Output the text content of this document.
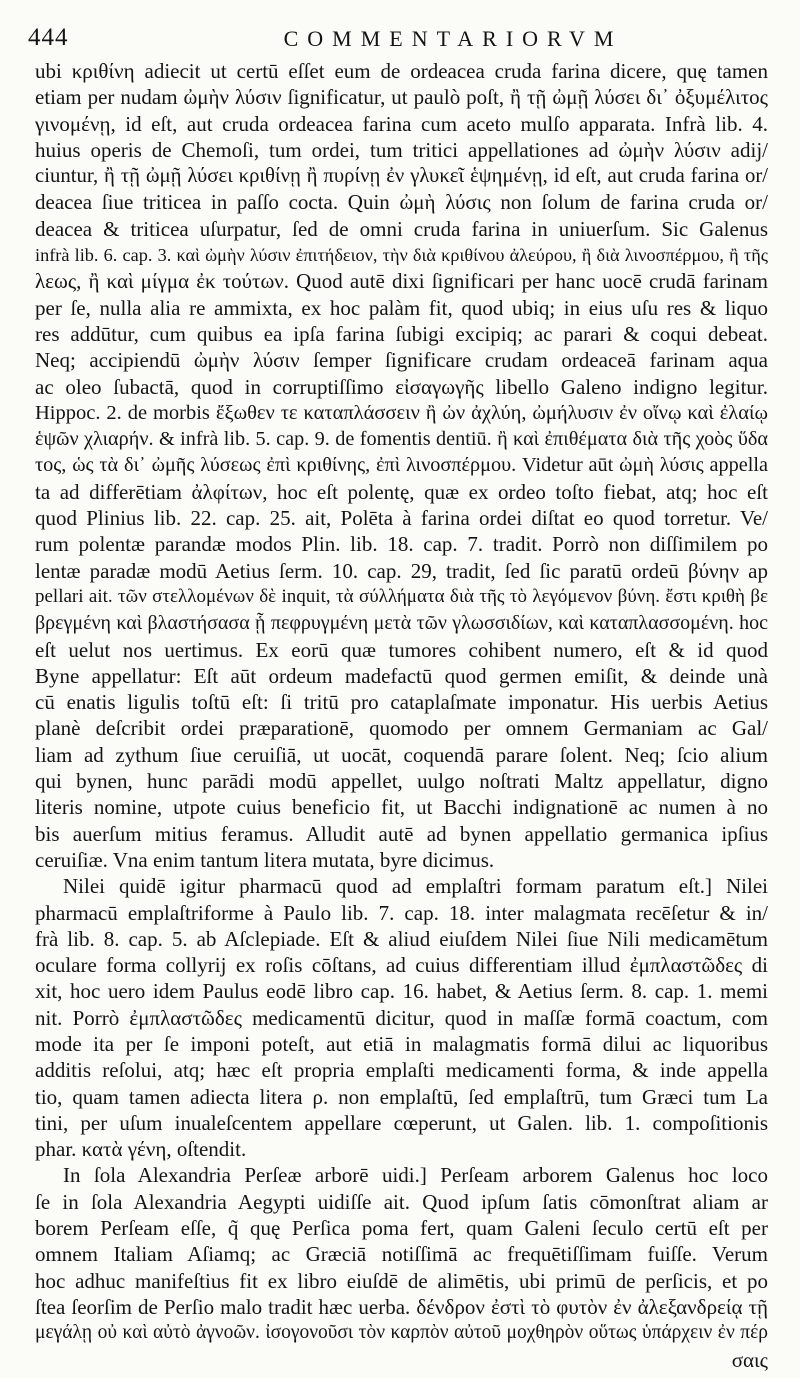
444	COMMENTARIORVM
ubi κριθίνη adiecit ut certū eſſet eum de ordeacea cruda farina dicere, quę tamen
etiam per nudam ὠμὴν λύσιν ſignificatur, ut paulò poſt, ἢ τῇ ὠμῇ λύσει δι᾽ ὀξυμέλιτος
γινομένῃ, id eſt, aut cruda ordeacea farina cum aceto mulſo apparata. Infrà lib. 4.
huius operis de Chemoſi, tum ordei, tum tritici appellationes ad ὠμὴν λύσιν adij/
ciuntur, ἢ τῇ ὠμῇ λύσει κριθίνῃ ἢ πυρίνῃ ἐν γλυκεῖ ἑψημένῃ, id eſt, aut cruda farina or/
deacea ſiue triticea in paſſo cocta. Quin ὠμὴ λύσις non ſolum de farina cruda or/
deacea & triticea uſurpatur, ſed de omni cruda farina in uniuerſum. Sic Galenus
infrà lib. 6. cap. 3. καὶ ὠμὴν λύσιν ἐπιτήδειον, τὴν διὰ κριθίνου ἀλεύρου, ἢ διὰ λινοσπέρμου, ἢ τῆς
λεως, ἢ καὶ μίγμα ἐκ τούτων. Quod autē dixi ſignificari per hanc uocē crudā farinam
per ſe, nulla alia re ammixta, ex hoc palàm fit, quod ubiq; in eius uſu res & liquo
res addūtur, cum quibus ea ipſa farina ſubigi excipiq; ac parari & coqui debeat.
Neq; accipiendū ὠμὴν λύσιν ſemper ſignificare crudam ordeaceā farinam aqua
ac oleo ſubactā, quod in corruptiſſimo εἰσαγωγῆς libello Galeno indigno legitur.
Hippoc. 2. de morbis ἔξωθεν τε καταπλάσσειν ἢ ὠν ἀχλύη, ὠμήλυσιν ἐν οἴνῳ καὶ ἐλαίῳ
ἑψῶν χλιαρήν. & infrà lib. 5. cap. 9. de fomentis dentiū. ἢ καὶ ἐπιθέματα διὰ τῆς χοὸς ὕδα
τος, ὡς τὰ δι᾽ ὠμῆς λύσεως ἐπὶ κριθίνης, ἐπὶ λινοσπέρμου. Videtur aūt ὠμὴ λύσις appella
ta ad differētiam ἀλφίτων, hoc eſt polentę, quæ ex ordeo toſto fiebat, atq; hoc eſt
quod Plinius lib. 22. cap. 25. ait, Polēta à farina ordei diſtat eo quod torretur. Ve/
rum polentæ parandæ modos Plin. lib. 18. cap. 7. tradit. Porrò non diſſimilem po
lentæ paradæ modū Aetius ſerm. 10. cap. 29, tradit, ſed ſic paratū ordeū βύνην ap
pellari ait. τῶν στελλομένων δὲ inquit, τὰ σύλλήματα διὰ τῆς τὸ λεγόμενον βύνη. ἔστι κριθὴ βε
βρεγμένη καὶ βλαστήσασα ᾗ πεφρυγμένη μετὰ τῶν γλωσσιδίων, καὶ καταπλασσομένη. hoc
eſt uelut nos uertimus. Ex eorū quæ tumores cohibent numero, eſt & id quod
Byne appellatur: Eſt aūt ordeum madefactū quod germen emiſit, & deinde unà
cū enatis ligulis toſtū eſt: ſi tritū pro cataplaſmate imponatur. His uerbis Aetius
planè deſcribit ordei præparationē, quomodo per omnem Germaniam ac Gal/
liam ad zythum ſiue ceruiſiā, ut uocāt, coquendā parare ſolent. Neq; ſcio alium
qui bynen, hunc parādi modū appellet, uulgo noſtrati Maltz appellatur, digno
literis nomine, utpote cuius beneficio fit, ut Bacchi indignationē ac numen à no
bis auerſum mitius feramus. Alludit autē ad bynen appellatio germanica ipſius
ceruiſiæ. Vna enim tantum litera mutata, byre dicimus.
Nilei quidē igitur pharmacū quod ad emplaſtri formam paratum eſt.] Nilei
pharmacū emplaſtriforme à Paulo lib. 7. cap. 18. inter malagmata recēſetur & in/
frà lib. 8. cap. 5. ab Aſclepiade. Eſt & aliud eiuſdem Nilei ſiue Nili medicamētum
oculare forma collyrij ex roſis cōſtans, ad cuius differentiam illud ἐμπλαστῶδες di
xit, hoc uero idem Paulus eodē libro cap. 16. habet, & Aetius ſerm. 8. cap. 1. memi
nit. Porrò ἐμπλαστῶδες medicamentū dicitur, quod in maſſæ formā coactum, com
mode ita per ſe imponi poteſt, aut etiā in malagmatis formā dilui ac liquoribus
additis reſolui, atq; hæc eſt propria emplaſti medicamenti forma, & inde appella
tio, quam tamen adiecta litera ρ. non emplaſtū, ſed emplaſtrū, tum Græci tum La
tini, per uſum inualeſcentem appellare cœperunt, ut Galen. lib. 1. compoſitionis
phar. κατὰ γένη, oſtendit.
In ſola Alexandria Perſeæ arborē uidi.] Perſeam arborem Galenus hoc loco
ſe in ſola Alexandria Aegypti uidiſſe ait. Quod ipſum ſatis cōmonſtrat aliam ar
borem Perſeam eſſe, q̃ quę Perſica poma fert, quam Galeni ſeculo certū eſt per
omnem Italiam Aſiamq; ac Græciā notiſſimā ac frequētiſſimam fuiſſe. Verum
hoc adhuc manifeſtius fit ex libro eiuſdē de alimētis, ubi primū de perſicis, et po
ſtea ſeorſim de Perſio malo tradit hæc uerba. δένδρον ἐστὶ τὸ φυτὸν ἐν ἀλεξανδρείᾳ τῇ
μεγάλῃ οὐ καὶ αὐτὸ ἀγνοῶν. ἰσογονοῦσι τὸν καρπὸν αὐτοῦ μοχθηρὸν οὕτως ὑπάρχειν ἐν πέρ
σαις
